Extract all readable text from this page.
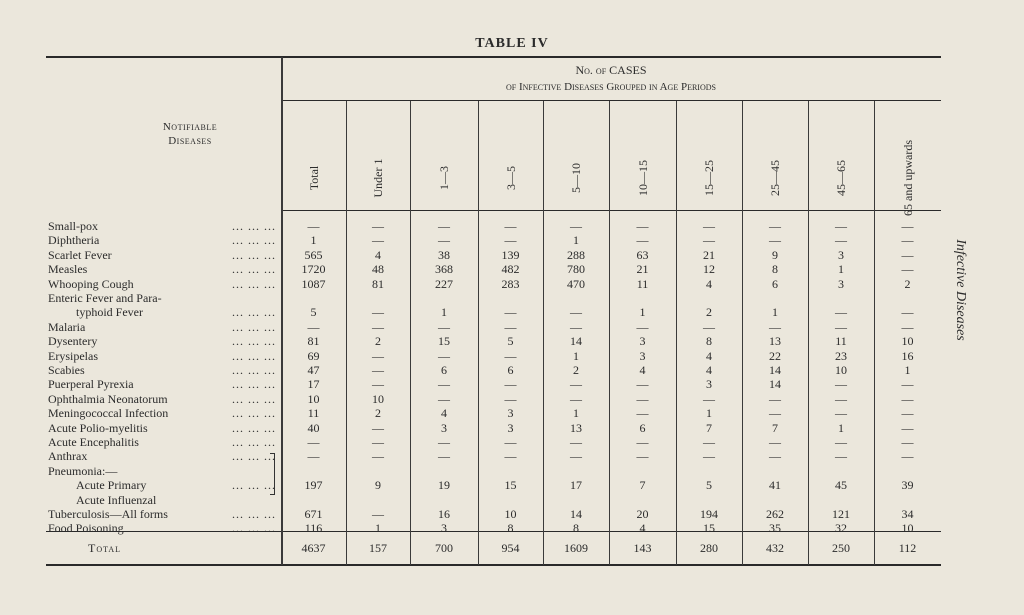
TABLE IV
Notifiable
Diseases
No. of CASES
of Infective Diseases Grouped in Age Periods
Total	Under 1	1—3	3—5	5—10	10—15	15—25	25—45	45—65	65 and upwards
Small-pox	... ... ...	—	—	—	—	—	—	—	—	—	—
Diphtheria	... ... ...	1	—	—	—	1	—	—	—	—	—
Scarlet Fever	... ... ...	565	4	38	139	288	63	21	9	3	—
Measles	... ... ...	1720	48	368	482	780	21	12	8	1	—
Whooping Cough	... ... ...	1087	81	227	283	470	11	4	6	3	2
Enteric Fever and Para-
typhoid Fever	... ... ...	5	—	1	—	—	1	2	1	—	—
Malaria	... ... ...	—	—	—	—	—	—	—	—	—	—
Dysentery	... ... ...	81	2	15	5	14	3	8	13	11	10
Erysipelas	... ... ...	69	—	—	—	1	3	4	22	23	16
Scabies	... ... ...	47	—	6	6	2	4	4	14	10	1
Puerperal Pyrexia	... ... ...	17	—	—	—	—	—	3	14	—	—
Ophthalmia Neonatorum	... ... ...	10	10	—	—	—	—	—	—	—	—
Meningococcal Infection	... ... ...	11	2	4	3	1	—	1	—	—	—
Acute Polio-myelitis	... ... ...	40	—	3	3	13	6	7	7	1	—
Acute Encephalitis	... ... ...	—	—	—	—	—	—	—	—	—	—
Anthrax	... ... ...	—	—	—	—	—	—	—	—	—	—
Pneumonia:—
Acute Primary	... ... ...	197	9	19	15	17	7	5	41	45	39
Acute Influenzal
Tuberculosis—All forms	... ... ...	671	—	16	10	14	20	194	262	121	34
Food Poisoning	... ... ...	116	1	3	8	8	4	15	35	32	10
Total	4637	157	700	954	1609	143	280	432	250	112
Infective Diseases
